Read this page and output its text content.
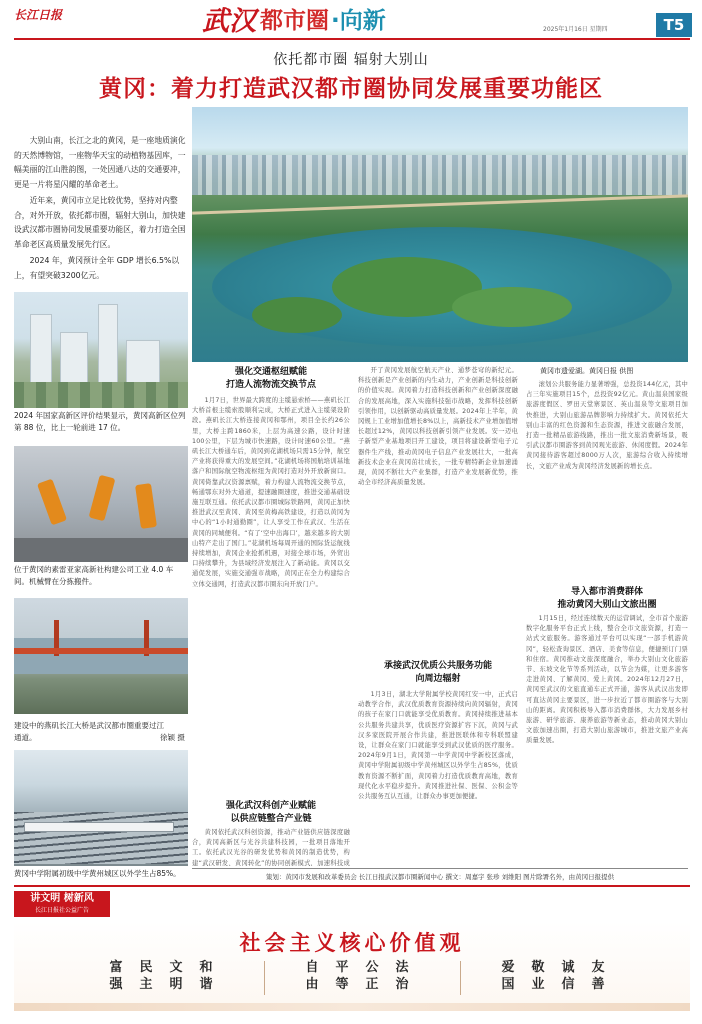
长江日报	武汉 都市圈 ·向新	2025年1月16日 星期四	T5
依托都市圈 辐射大别山
黄冈：着力打造武汉都市圈协同发展重要功能区

大别山南，长江之北的黄冈，是一座地质演化的天然博物馆，一座物华天宝的动植物基因库，一幅美丽的江山胜韵图，一处因通八达的交通要冲，更是一片将星闪耀的革命老土。

近年来，黄冈市立足比较优势，坚持对内整合，对外开放，依托都市圈，辐射大别山，加快建设武汉都市圈协同发展重要功能区，着力打造全国革命老区高质量发展先行区。

2024 年，黄冈预计全年 GDP 增长6.5%以上，有望突破3200亿元。

黄冈市遗爱湖。黄冈日报 供图
2024 年国家高新区评价结果显示，黄冈高新区位列第 88 位，比上一轮前进 17 位。
位于黄冈的素雷亚家高新社构建公司工业 4.0 车间。机械臂在分拣搬件。
建设中的燕矶长江大桥是武汉都市圈重要过江通道。	徐颖 摄
黄冈中学附属初级中学黄州城区以外学生占85%。
强化交通枢纽赋能
打造人流物流交换节点

1月7日，世界最大跨度的主缆悬索桥——燕矶长江大桥首根主缆索股顺利完成，大桥正式进入主缆架设阶段。燕矶长江大桥连接黄冈和鄂州，项目全长约26公里，大桥主跨1860米，上层为高速公路，设计时速100公里，下层为城市快速路，设计时速60公里。“燕矶长江大桥通车后，黄冈到花湖机场只需15分钟，航空产业将获得重大的发展空间。”花湖机场将国航培训基地落户和国际航空物流枢纽为黄冈打造对外开放新窗口。黄冈倚靠武汉资源禀赋，着力构建人流物流交换节点，畅通鄂东对外大通道，提速融圈速度，推进交通基础设施互联互通。依托武汉都市圈城际铁路网，黄冈正加快推进武汉至黄冈、黄冈至黄梅高铁建设，打造以黄冈为中心的“1小时通勤圈”，让人享受工作在武汉、生活在黄冈的同城便利。“有了‘空中出海口’，越来越多的大别山特产走出了国门。”花湖机场每周开通的国际货运航线持续增加，黄冈企业抢抓机遇，对接全球市场，外贸出口持续攀升，为县域经济发展注入了新动能。黄冈以交通促发展，实施交通强市战略，黄冈正在全力构建综合立体交通网，打造武汉都市圈东向开放门户。

强化武汉科创产业赋能
以供应链整合产业链

黄冈依托武汉科创资源，推动产业链供应链深度融合，黄冈高新区与光谷共建科技园，一批项目落地开工。依托武汉光谷的研发优势和黄冈的制造优势，构建“武汉研发、黄冈转化”的协同创新模式，加速科技成

开了黄冈发展航空航天产业、通梦苍穹的新纪元。科技创新是产业创新的内生动力，产业创新是科技创新的价值实现。黄冈着力打造科技创新和产业创新深度融合的发展高地，深入实施科技强市战略，发挥科技创新引领作用，以创新驱动高质量发展。2024年上半年，黄冈规上工业增加值增长8%以上，高新技术产业增加值增长超过12%，黄冈以科技创新引领产业发展。安一迈电子新型产业基地项目开工建设，项目将建设新型电子元器件生产线，推动黄冈电子信息产业发展壮大，一批高新技术企业在黄冈茁壮成长，一批专精特新企业加速涌现，黄冈不断壮大产业集群，打造产业发展新优势，推动全市经济高质量发展。

承接武汉优质公共服务功能
向周边辐射

1月3日，湖北大学附属学校黄冈红安一中，正式启动教学合作，武汉优质教育资源持续向黄冈辐射，黄冈的孩子在家门口就能享受优质教育。黄冈持续推进基本公共服务共建共享，优质医疗资源扩容下沉，黄冈与武汉多家医院开展合作共建，推进医联体和专科联盟建设，让群众在家门口就能享受到武汉优质的医疗服务。2024年9月1日，黄冈第一中学黄冈中学新校区落成，黄冈中学附属初级中学黄州城区以外学生占85%，优质教育资源不断扩面，黄冈着力打造优质教育高地，教育现代化水平稳步提升。黄冈推进社保、医保、公积金等公共服务互认互通，让群众办事更加便捷。

滚划公共服务能力显著增强，总投资144亿元，其中占三年实施项目15个，总投资92亿元。黄山温泉国家级旅游度假区、罗田天堂寨景区、英山温泉等文旅项目加快推进，大别山旅游品牌影响力持续扩大。黄冈依托大别山丰富的红色资源和生态资源，推进文旅融合发展，打造一批精品旅游线路，推出一批文旅消费新场景，吸引武汉都市圈游客到黄冈观光旅游、休闲度假。2024年黄冈接待游客超过8000万人次，旅游综合收入持续增长，文旅产业成为黄冈经济发展新的增长点。

导入都市消费群体
推动黄冈大别山文旅出圈

1月15日，经过连续数天的运营调试，全市首个旅游数字化服务平台正式上线，整合全市文旅资源，打造一站式文旅服务。游客通过平台可以实现“一部手机游黄冈”，轻松查询景区、酒店、美食等信息，便捷预订门票和住宿。黄冈推动文旅深度融合，举办大别山文化旅游节、东坡文化节等系列活动，以节会为媒，让更多游客走进黄冈、了解黄冈、爱上黄冈。2024年12月27日，黄冈至武汉的文旅直通车正式开通，游客从武汉出发即可直达黄冈主要景区，进一步拉近了都市圈游客与大别山的距离。黄冈积极导入都市消费群体，大力发展乡村旅游、研学旅游、康养旅游等新业态，推动黄冈大别山文旅加速出圈，打造大别山旅游城市，推进文旅产业高质量发展。

策划：黄冈市发展和改革委员会 长江日报武汉都市圈新闻中心 撰文：周嘉宇 张珍 刘维阳 图片除署名外，由黄冈日报提供
讲文明 树新风
长江日报社公益广告
社会主义核心价值观
富
强
民
主
文
明
和
谐
自
由
平
等
公
正
法
治
爱
国
敬
业
诚
信
友
善
